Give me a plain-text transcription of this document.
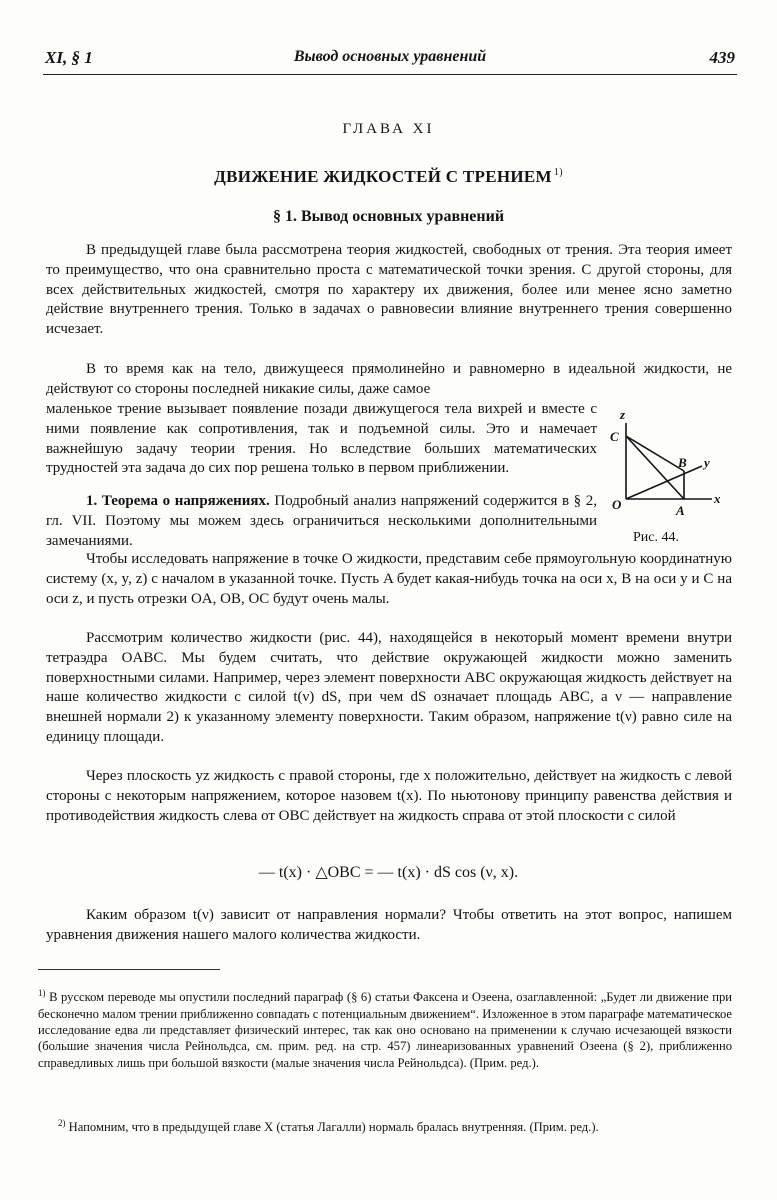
XI, § 1	Вывод основных уравнений	439
ГЛАВА XI
ДВИЖЕНИЕ ЖИДКОСТЕЙ С ТРЕНИЕМ $^{1)}$
§ 1. Вывод основных уравнений

В предыдущей главе была рассмотрена теория жидкостей, свободных от трения. Эта теория имеет то преимущество, что она сравнительно проста с математической точки зрения. С другой стороны, для всех действительных жидкостей, смотря по характеру их движения, более или менее ясно заметно действие внутреннего трения. Только в задачах о равновесии влияние внутреннего трения совершенно исчезает.

В то время как на тело, движущееся прямолинейно и равномерно в идеальной жидкости, не действуют со стороны последней никакие силы, даже самое

маленькое трение вызывает появление позади движущегося тела вихрей и вместе с ними появление как сопротивления, так и подъемной силы. Это и намечает важнейшую задачу теории трения. Но вследствие больших математических трудностей эта задача до сих пор решена только в первом приближении.

1. Теорема о напряжениях. Подробный анализ напряжений содержится в § 2, гл. VII. Поэтому мы можем здесь ограничиться несколькими дополнительными замечаниями.

Чтобы исследовать напряжение в точке O жидкости, представим себе прямоугольную координатную систему (x, y, z) с началом в указанной точке. Пусть A будет какая-нибудь точка на оси x, B на оси y и C на оси z, и пусть отрезки OA, OB, OC будут очень малы.

Рассмотрим количество жидкости (рис. 44), находящейся в некоторый момент времени внутри тетраэдра OABC. Мы будем считать, что действие окружающей жидкости можно заменить поверхностными силами. Например, через элемент поверхности ABC окружающая жидкость действует на наше количество жидкости с силой t(ν) dS, при чем dS означает площадь ABC, а ν — направление внешней нормали 2) к указанному элементу поверхности. Таким образом, напряжение t(ν) равно силе на единицу площади.

Через плоскость yz жидкость с правой стороны, где x положительно, действует на жидкость с левой стороны с некоторым напряжением, которое назовем t(x). По ньютонову принципу равенства действия и противодействия жидкость слева от OBC действует на жидкость справа от этой плоскости с силой

— t(x) · △OBC = — t(x) · dS cos (ν, x).

Каким образом t(ν) зависит от направления нормали? Чтобы ответить на этот вопрос, напишем уравнения движения нашего малого количества жидкости.

z
C
B y
O	A
x
Рис. 44.

$^{1)}$ В русском переводе мы опустили последний параграф (§ 6) статьи Факсена и Озеена, озаглавленной: „Будет ли движение при бесконечно малом трении приближенно совпадать с потенциальным движением“. Изложенное в этом параграфе математическое исследование едва ли представляет физический интерес, так как оно основано на применении к случаю исчезающей вязкости (большие значения числа Рейнольдса, см. прим. ред. на стр. 457) линеаризованных уравнений Озеена (§ 2), приближенно справедливых лишь при большой вязкости (малые значения числа Рейнольдса). (Прим. ред.).

$^{2)}$ Напомним, что в предыдущей главе X (статья Лагалли) нормаль бралась внутренняя. (Прим. ред.).
